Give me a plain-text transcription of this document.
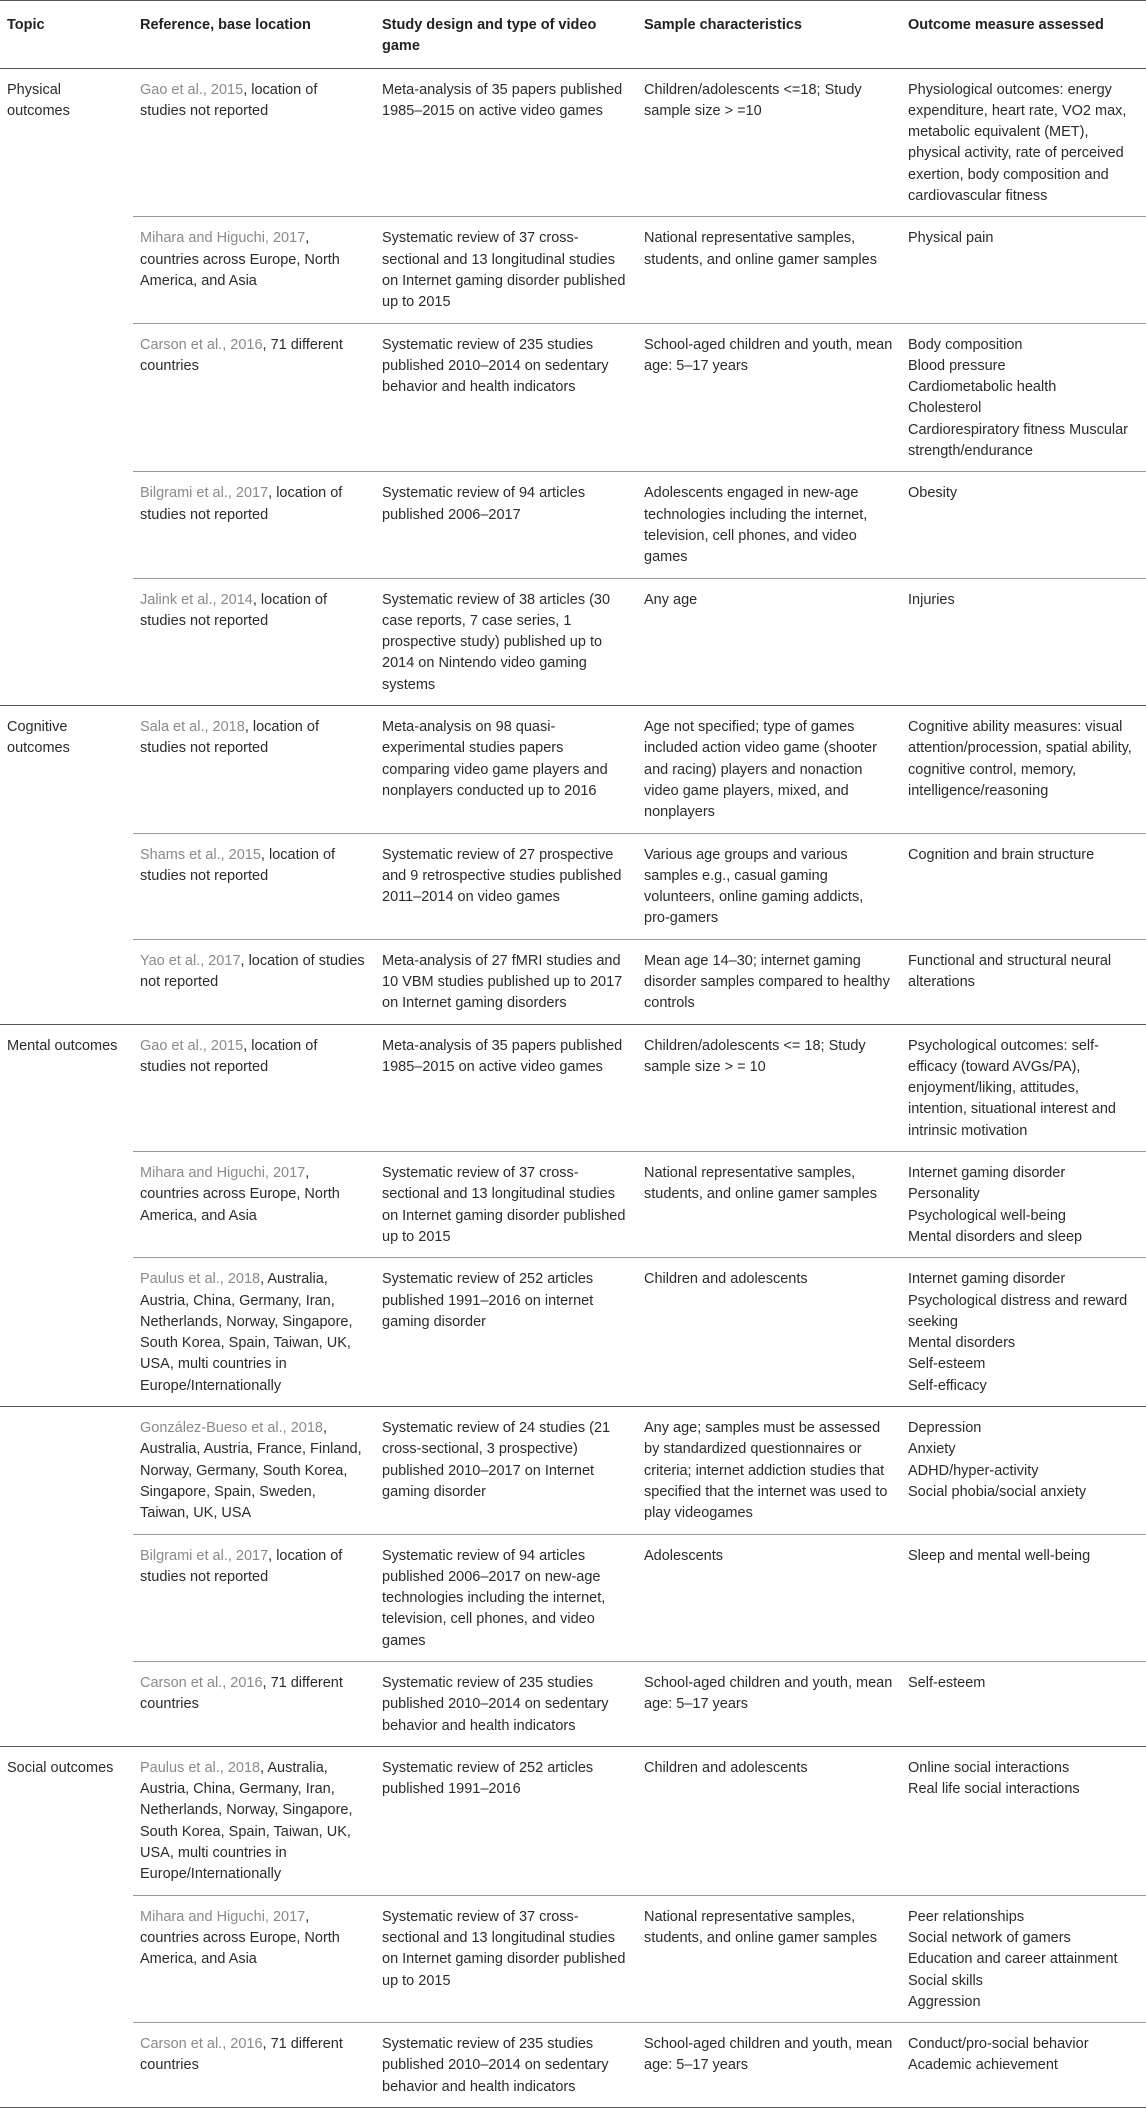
Topic	Reference, base location	Study design and type of video game	Sample characteristics	Outcome measure assessed
Physical outcomes	Gao et al., 2015, location of studies not reported	Meta-analysis of 35 papers published 1985–2015 on active video games	Children/adolescents <=18; Study sample size > =10	Physiological outcomes: energy expenditure, heart rate, VO2 max, metabolic equivalent (MET), physical activity, rate of perceived exertion, body composition and cardiovascular fitness

	Mihara and Higuchi, 2017, countries across Europe, North America, and Asia	Systematic review of 37 cross-sectional and 13 longitudinal studies on Internet gaming disorder published up to 2015	National representative samples, students, and online gamer samples	Physical pain

	Carson et al., 2016, 71 different countries	Systematic review of 235 studies published 2010–2014 on sedentary behavior and health indicators	School-aged children and youth, mean age: 5–17 years	Body composition
Blood pressure
Cardiometabolic health
Cholesterol
Cardiorespiratory fitness Muscular strength/endurance

	Bilgrami et al., 2017, location of studies not reported	Systematic review of 94 articles published 2006–2017	Adolescents engaged in new-age technologies including the internet, television, cell phones, and video games	Obesity

	Jalink et al., 2014, location of studies not reported	Systematic review of 38 articles (30 case reports, 7 case series, 1 prospective study) published up to 2014 on Nintendo video gaming systems	Any age	Injuries

Cognitive outcomes	Sala et al., 2018, location of studies not reported	Meta-analysis on 98 quasi-experimental studies papers comparing video game players and nonplayers conducted up to 2016	Age not specified; type of games included action video game (shooter and racing) players and nonaction video game players, mixed, and nonplayers	Cognitive ability measures: visual attention/procession, spatial ability, cognitive control, memory, intelligence/reasoning

	Shams et al., 2015, location of studies not reported	Systematic review of 27 prospective and 9 retrospective studies published 2011–2014 on video games	Various age groups and various samples e.g., casual gaming volunteers, online gaming addicts, pro-gamers	Cognition and brain structure

	Yao et al., 2017, location of studies not reported	Meta-analysis of 27 fMRI studies and 10 VBM studies published up to 2017 on Internet gaming disorders	Mean age 14–30; internet gaming disorder samples compared to healthy controls	Functional and structural neural alterations

Mental outcomes	Gao et al., 2015, location of studies not reported	Meta-analysis of 35 papers published 1985–2015 on active video games	Children/adolescents <= 18; Study sample size > = 10	Psychological outcomes: self-efficacy (toward AVGs/PA), enjoyment/liking, attitudes, intention, situational interest and intrinsic motivation

	Mihara and Higuchi, 2017, countries across Europe, North America, and Asia	Systematic review of 37 cross-sectional and 13 longitudinal studies on Internet gaming disorder published up to 2015	National representative samples, students, and online gamer samples	Internet gaming disorder
Personality
Psychological well-being
Mental disorders and sleep

	Paulus et al., 2018, Australia, Austria, China, Germany, Iran, Netherlands, Norway, Singapore, South Korea, Spain, Taiwan, UK, USA, multi countries in Europe/Internationally	Systematic review of 252 articles published 1991–2016 on internet gaming disorder	Children and adolescents	Internet gaming disorder
Psychological distress and reward seeking
Mental disorders
Self-esteem
Self-efficacy

	González-Bueso et al., 2018, Australia, Austria, France, Finland, Norway, Germany, South Korea, Singapore, Spain, Sweden, Taiwan, UK, USA	Systematic review of 24 studies (21 cross-sectional, 3 prospective) published 2010–2017 on Internet gaming disorder	Any age; samples must be assessed by standardized questionnaires or criteria; internet addiction studies that specified that the internet was used to play videogames	Depression
Anxiety
ADHD/hyper-activity
Social phobia/social anxiety

	Bilgrami et al., 2017, location of studies not reported	Systematic review of 94 articles published 2006–2017 on new-age technologies including the internet, television, cell phones, and video games	Adolescents	Sleep and mental well-being

	Carson et al., 2016, 71 different countries	Systematic review of 235 studies published 2010–2014 on sedentary behavior and health indicators	School-aged children and youth, mean age: 5–17 years	Self-esteem

Social outcomes	Paulus et al., 2018, Australia, Austria, China, Germany, Iran, Netherlands, Norway, Singapore, South Korea, Spain, Taiwan, UK, USA, multi countries in Europe/Internationally	Systematic review of 252 articles published 1991–2016	Children and adolescents	Online social interactions
Real life social interactions

	Mihara and Higuchi, 2017, countries across Europe, North America, and Asia	Systematic review of 37 cross-sectional and 13 longitudinal studies on Internet gaming disorder published up to 2015	National representative samples, students, and online gamer samples	Peer relationships
Social network of gamers
Education and career attainment
Social skills
Aggression

	Carson et al., 2016, 71 different countries	Systematic review of 235 studies published 2010–2014 on sedentary behavior and health indicators	School-aged children and youth, mean age: 5–17 years	Conduct/pro-social behavior
Academic achievement
